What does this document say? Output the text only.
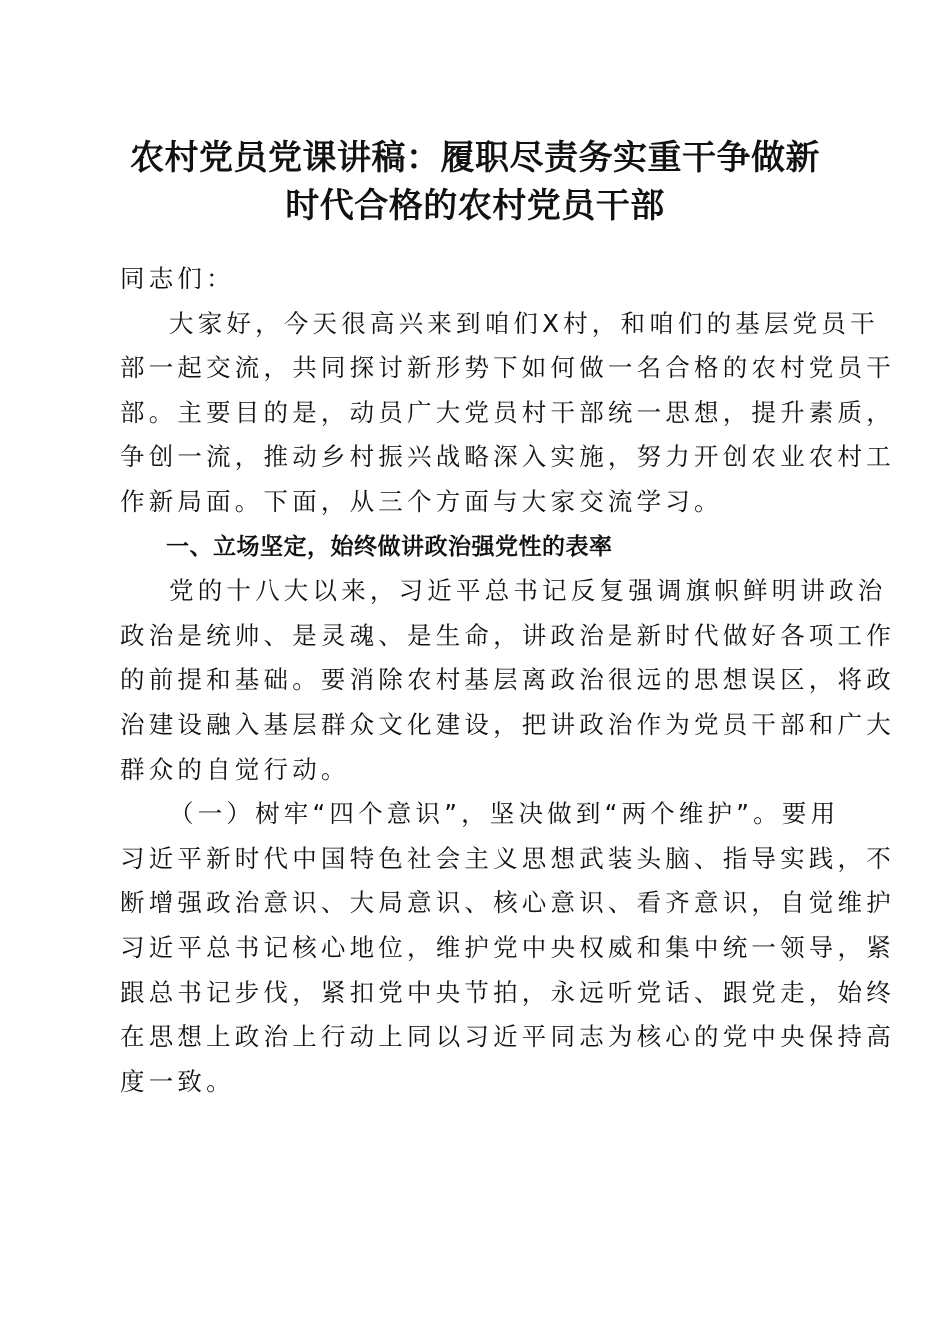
农村党员党课讲稿：履职尽责务实重干争做新
时代合格的农村党员干部

同志们：

大家好，今天很高兴来到咱们X村，和咱们的基层党员干
部一起交流，共同探讨新形势下如何做一名合格的农村党员干
部。主要目的是，动员广大党员村干部统一思想，提升素质，
争创一流，推动乡村振兴战略深入实施，努力开创农业农村工
作新局面。下面，从三个方面与大家交流学习。

一、立场坚定，始终做讲政治强党性的表率

党的十八大以来，习近平总书记反复强调旗帜鲜明讲政治
政治是统帅、是灵魂、是生命，讲政治是新时代做好各项工作
的前提和基础。要消除农村基层离政治很远的思想误区，将政
治建设融入基层群众文化建设，把讲政治作为党员干部和广大
群众的自觉行动。

（一）树牢“四个意识”，坚决做到“两个维护”。要用
习近平新时代中国特色社会主义思想武装头脑、指导实践，不
断增强政治意识、大局意识、核心意识、看齐意识，自觉维护
习近平总书记核心地位，维护党中央权威和集中统一领导，紧
跟总书记步伐，紧扣党中央节拍，永远听党话、跟党走，始终
在思想上政治上行动上同以习近平同志为核心的党中央保持高
度一致。
